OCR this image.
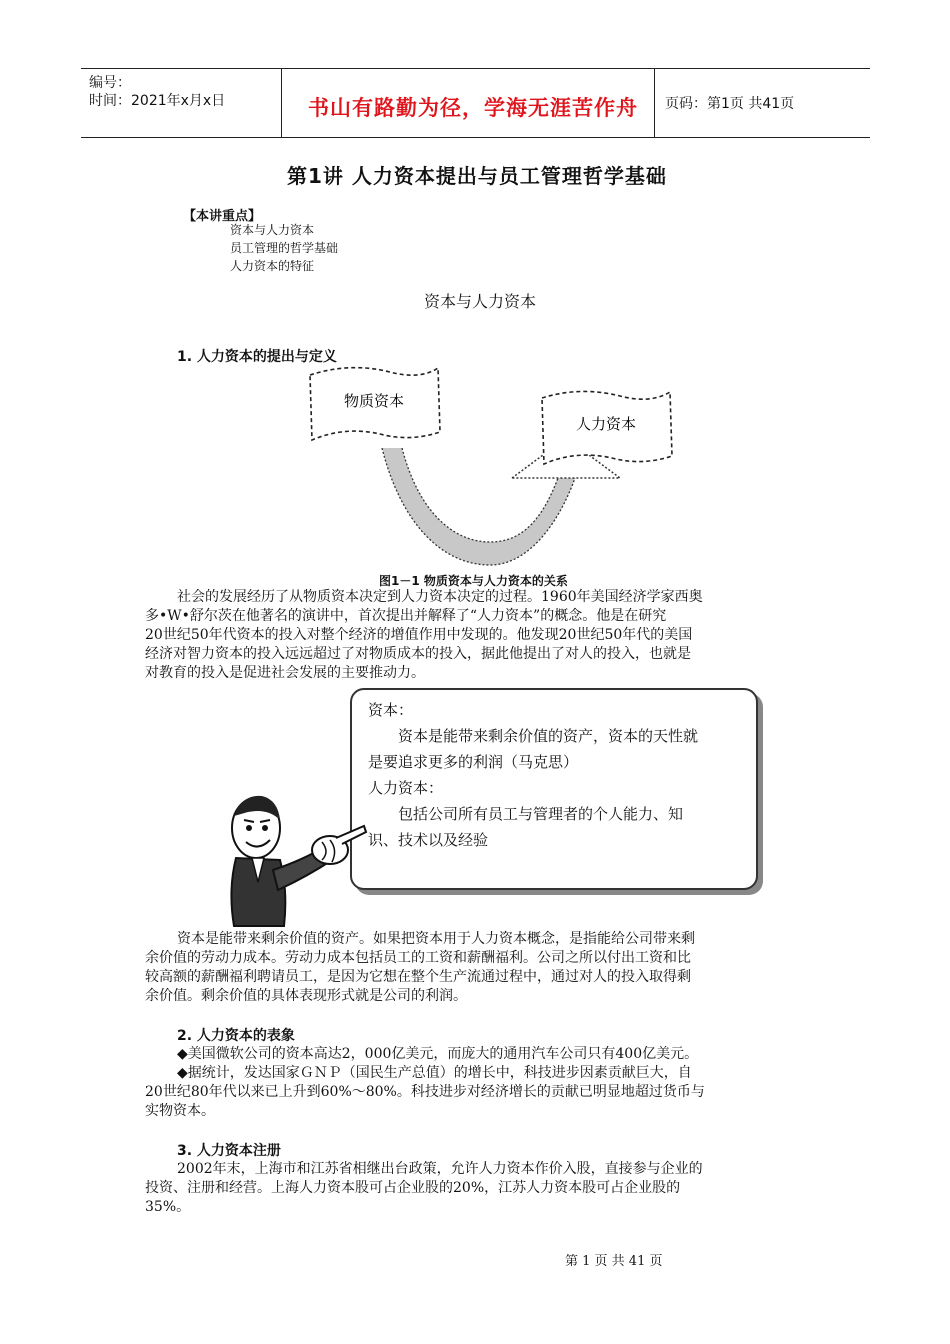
编号：
时间：2021年x月x日	书山有路勤为径，学海无涯苦作舟 页码：第1页 共41页
第1讲 人力资本提出与员工管理哲学基础
【本讲重点】
资本与人力资本
员工管理的哲学基础
人力资本的特征
资本与人力资本
1. 人力资本的提出与定义
物质资本
人力资本
图1－1 物质资本与人力资本的关系
社会的发展经历了从物质资本决定到人力资本决定的过程。1960年美国经济学家西奥
多•W•舒尔茨在他著名的演讲中，首次提出并解释了“人力资本”的概念。他是在研究
20世纪50年代资本的投入对整个经济的增值作用中发现的。他发现20世纪50年代的美国
经济对智力资本的投入远远超过了对物质成本的投入，据此他提出了对人的投入，也就是
对教育的投入是促进社会发展的主要推动力。
资本：
资本是能带来剩余价值的资产，资本的天性就
是要追求更多的利润（马克思）
人力资本：
包括公司所有员工与管理者的个人能力、知
识、技术以及经验
资本是能带来剩余价值的资产。如果把资本用于人力资本概念，是指能给公司带来剩
余价值的劳动力成本。劳动力成本包括员工的工资和薪酬福利。公司之所以付出工资和比
较高额的薪酬福利聘请员工，是因为它想在整个生产流通过程中，通过对人的投入取得剩
余价值。剩余价值的具体表现形式就是公司的利润。
2. 人力资本的表象
◆美国微软公司的资本高达2，000亿美元，而庞大的通用汽车公司只有400亿美元。
◆据统计，发达国家ＧＮＰ（国民生产总值）的增长中，科技进步因素贡献巨大，自
20世纪80年代以来已上升到60%～80%。科技进步对经济增长的贡献已明显地超过货币与
实物资本。
3. 人力资本注册
2002年末，上海市和江苏省相继出台政策，允许人力资本作价入股，直接参与企业的
投资、注册和经营。上海人力资本股可占企业股的20%，江苏人力资本股可占企业股的
35%。
第 1 页 共 41 页
